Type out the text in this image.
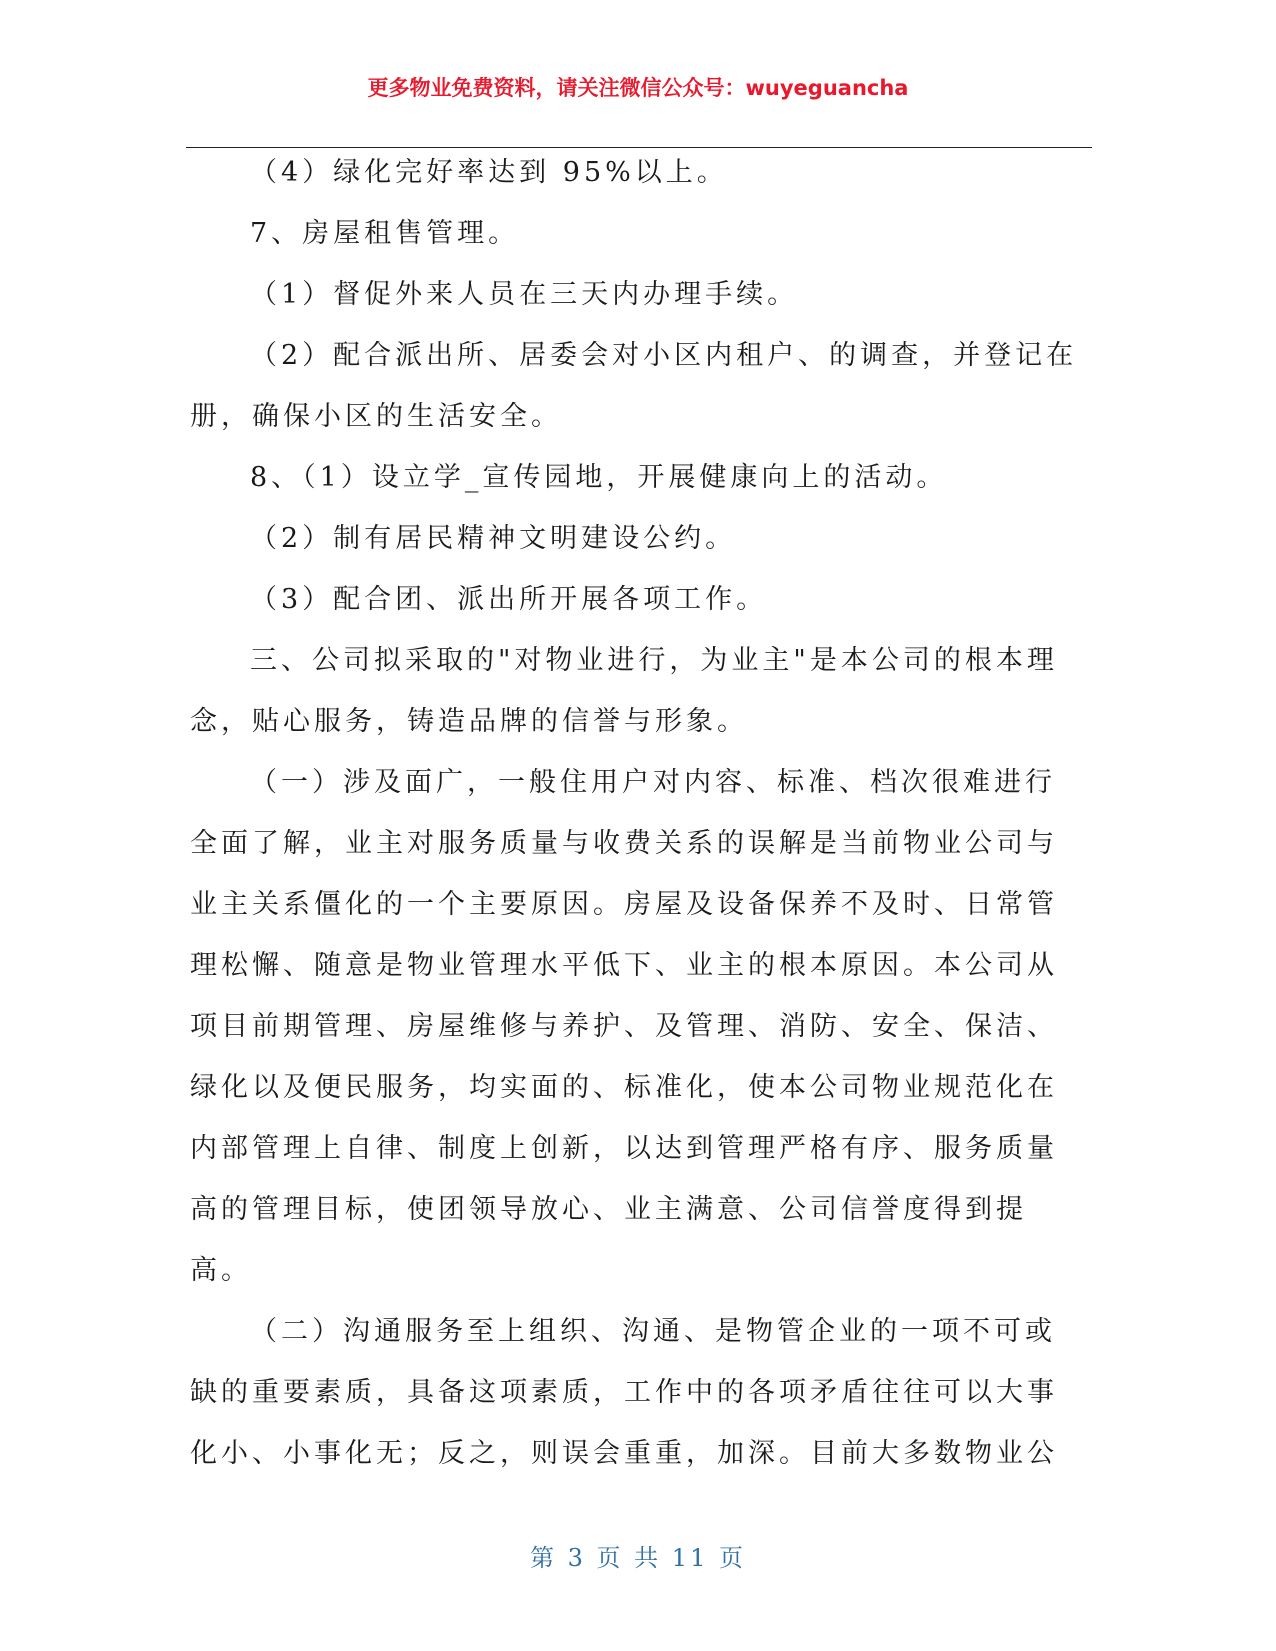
更多物业免费资料，请关注微信公众号：wuyeguancha
（4）绿化完好率达到 95%以上。
7、房屋租售管理。
（1）督促外来人员在三天内办理手续。
（2）配合派出所、居委会对小区内租户、的调查，并登记在
册，确保小区的生活安全。
8、（1）设立学_宣传园地，开展健康向上的活动。
（2）制有居民精神文明建设公约。
（3）配合团、派出所开展各项工作。
三、公司拟采取的"对物业进行，为业主"是本公司的根本理
念，贴心服务，铸造品牌的信誉与形象。
（一）涉及面广，一般住用户对内容、标准、档次很难进行
全面了解，业主对服务质量与收费关系的误解是当前物业公司与
业主关系僵化的一个主要原因。房屋及设备保养不及时、日常管
理松懈、随意是物业管理水平低下、业主的根本原因。本公司从
项目前期管理、房屋维修与养护、及管理、消防、安全、保洁、
绿化以及便民服务，均实面的、标准化，使本公司物业规范化在
内部管理上自律、制度上创新，以达到管理严格有序、服务质量
高的管理目标，使团领导放心、业主满意、公司信誉度得到提
高。
（二）沟通服务至上组织、沟通、是物管企业的一项不可或
缺的重要素质，具备这项素质，工作中的各项矛盾往往可以大事
化小、小事化无；反之，则误会重重，加深。目前大多数物业公
第 3 页 共 11 页
